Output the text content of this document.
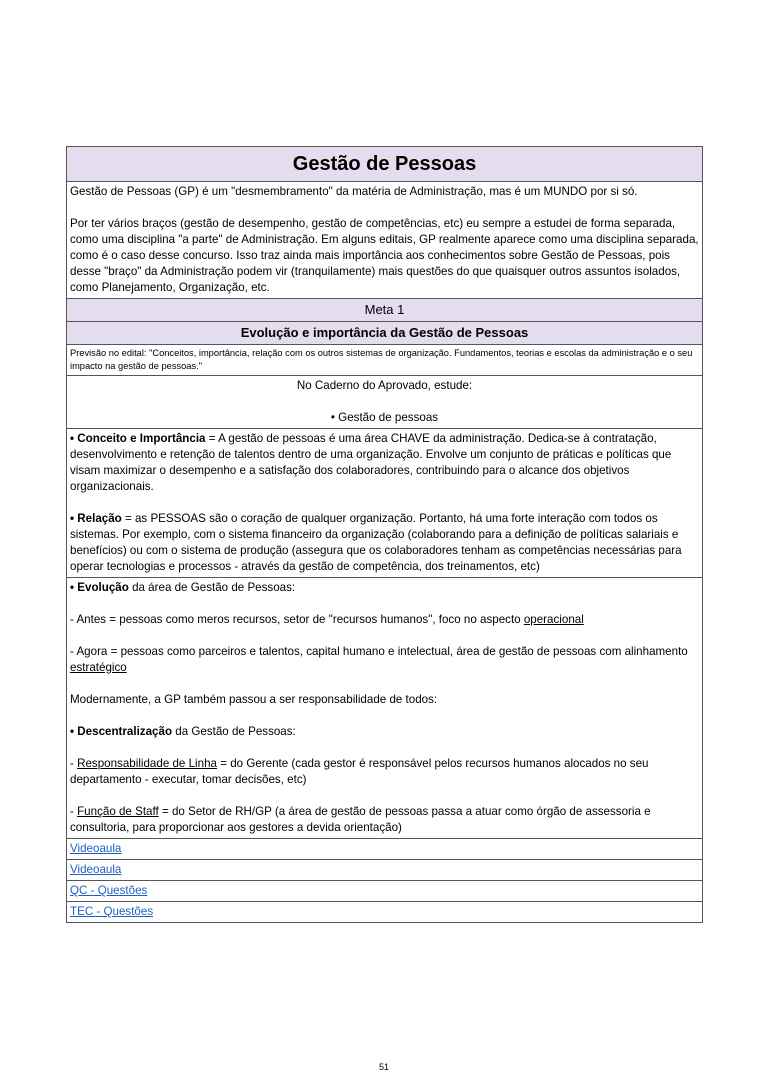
Gestão de Pessoas

Gestão de Pessoas (GP) é um "desmembramento" da matéria de Administração, mas é um MUNDO por si só.

Por ter vários braços (gestão de desempenho, gestão de competências, etc) eu sempre a estudei de forma separada, como uma disciplina "a parte" de Administração. Em alguns editais, GP realmente aparece como uma disciplina separada, como é o caso desse concurso. Isso traz ainda mais importância aos conhecimentos sobre Gestão de Pessoas, pois desse "braço" da Administração podem vir (tranquilamente) mais questões do que quaisquer outros assuntos isolados, como Planejamento, Organização, etc.

Meta 1
Evolução e importância da Gestão de Pessoas
Previsão no edital: "Conceitos, importância, relação com os outros sistemas de organização. Fundamentos, teorias e escolas da administração e o seu impacto na gestão de pessoas."

No Caderno do Aprovado, estude:

• Gestão de pessoas

• Conceito e Importância = A gestão de pessoas é uma área CHAVE da administração. Dedica-se à contratação, desenvolvimento e retenção de talentos dentro de uma organização. Envolve um conjunto de práticas e políticas que visam maximizar o desempenho e a satisfação dos colaboradores, contribuindo para o alcance dos objetivos organizacionais.

• Relação = as PESSOAS são o coração de qualquer organização. Portanto, há uma forte interação com todos os sistemas. Por exemplo, com o sistema financeiro da organização (colaborando para a definição de políticas salariais e benefícios) ou com o sistema de produção (assegura que os colaboradores tenham as competências necessárias para operar tecnologias e processos - através da gestão de competência, dos treinamentos, etc)

• Evolução da área de Gestão de Pessoas:

- Antes = pessoas como meros recursos, setor de "recursos humanos", foco no aspecto operacional

- Agora = pessoas como parceiros e talentos, capital humano e intelectual, área de gestão de pessoas com alinhamento estratégico

Modernamente, a GP também passou a ser responsabilidade de todos:

• Descentralização da Gestão de Pessoas:

- Responsabilidade de Linha = do Gerente (cada gestor é responsável pelos recursos humanos alocados no seu departamento - executar, tomar decisões, etc)

- Função de Staff = do Setor de RH/GP (a área de gestão de pessoas passa a atuar como órgão de assessoria e consultoria, para proporcionar aos gestores a devida orientação)

Videoaula
Videoaula
QC - Questões
TEC - Questões
51
